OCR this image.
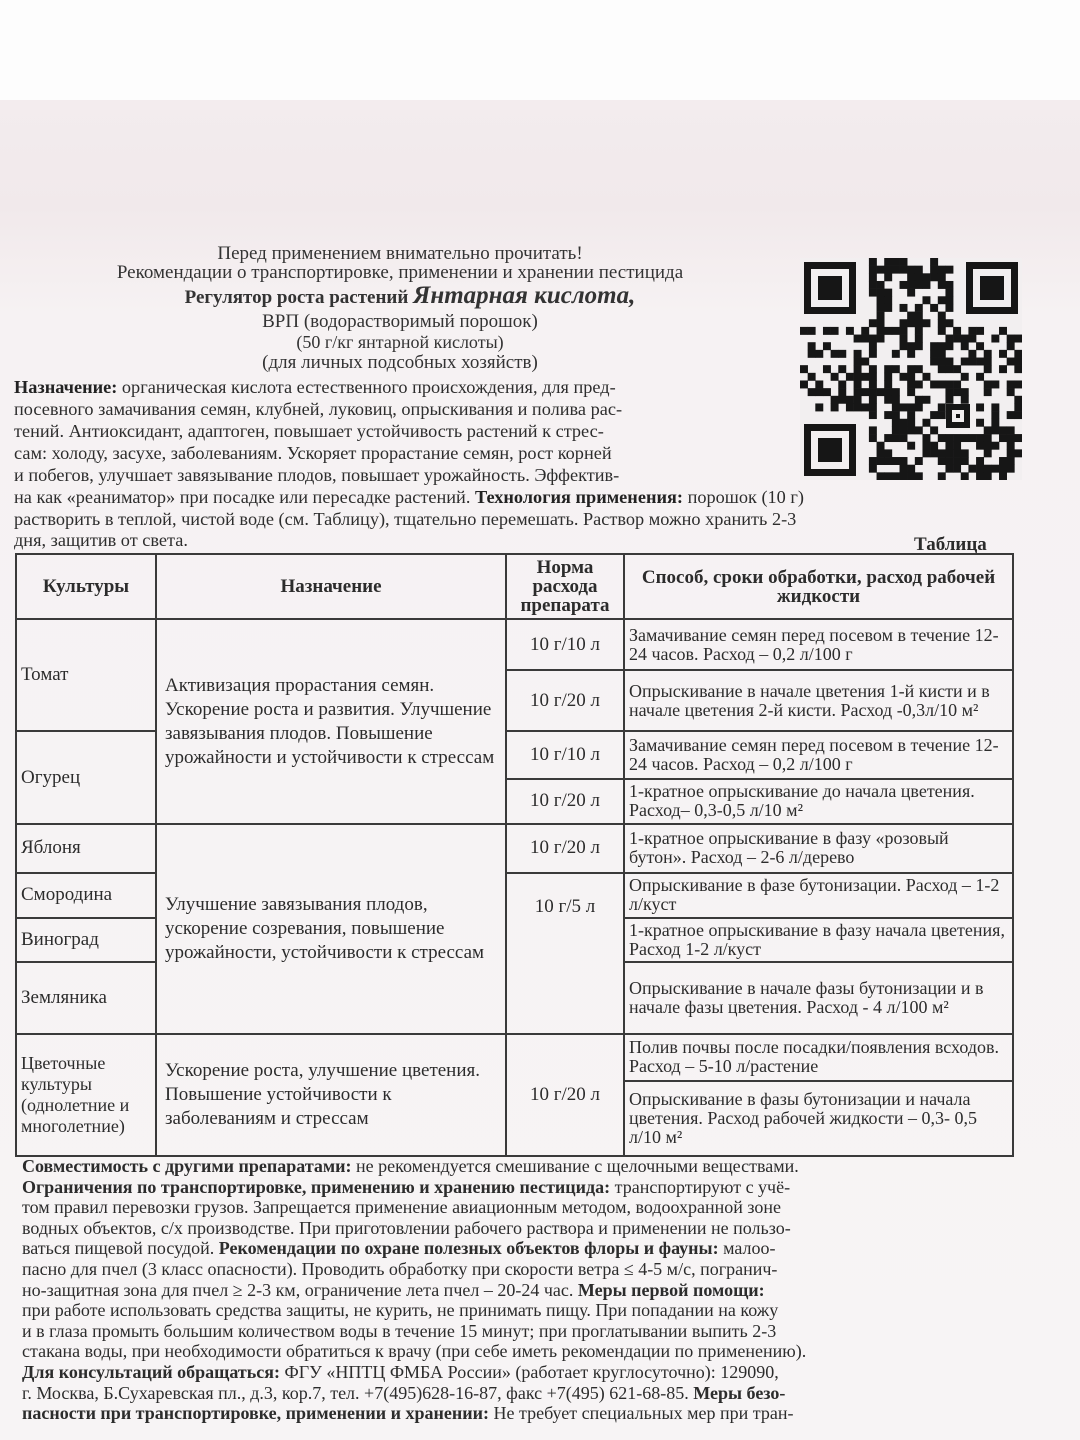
Перед применением внимательно прочитать!
Рекомендации о транспортировке, применении и хранении пестицида
Регулятор роста растений Янтарная кислота,
ВРП (водорастворимый порошок)
(50 г/кг янтарной кислоты)
(для личных подсобных хозяйств)
Назначение: органическая кислота естественного происхождения, для пред-
посевного замачивания семян, клубней, луковиц, опрыскивания и полива рас-
тений. Антиоксидант, адаптоген, повышает устойчивость растений к стрес-
сам: холоду, засухе, заболеваниям. Ускоряет прорастание семян, рост корней
и побегов, улучшает завязывание плодов, повышает урожайность. Эффектив-
на как «реаниматор» при посадке или пересадке растений. Технология применения: порошок (10 г)
растворить в теплой, чистой воде (см. Таблицу), тщательно перемешать. Раствор можно хранить 2-3
дня, защитив от света.	Таблица
Культуры	Назначение	Норма расхода препарата	Способ, сроки обработки, расход рабочей жидкости
Томат	Активизация прорастания семян. Ускорение роста и развития. Улучшение завязывания плодов. Повышение урожайности и устойчивости к стрессам	10 г/10 л	Замачивание семян перед посевом в течение 12-24 часов. Расход – 0,2 л/100 г
		10 г/20 л	Опрыскивание в начале цветения 1-й кисти и в начале цветения 2-й кисти. Расход -0,3л/10 м²
Огурец		10 г/10 л	Замачивание семян перед посевом в течение 12-24 часов. Расход – 0,2 л/100 г
		10 г/20 л	1-кратное опрыскивание до начала цветения. Расход– 0,3-0,5 л/10 м²
Яблоня	Улучшение завязывания плодов, ускорение созревания, повышение урожайности, устойчивости к стрессам	10 г/20 л	1-кратное опрыскивание в фазу «розовый бутон». Расход – 2-6 л/дерево
Смородина		10 г/5 л	Опрыскивание в фазе бутонизации. Расход – 1-2 л/куст
Виноград			1-кратное опрыскивание в фазу начала цветения, Расход 1-2 л/куст
Земляника			Опрыскивание в начале фазы бутонизации и в начале фазы цветения. Расход - 4 л/100 м²
Цветочные культуры (однолетние и многолетние)	Ускорение роста, улучшение цветения. Повышение устойчивости к заболеваниям и стрессам	10 г/20 л	Полив почвы после посадки/появления всходов. Расход – 5-10 л/растение
			Опрыскивание в фазы бутонизации и начала цветения. Расход рабочей жидкости – 0,3- 0,5 л/10 м²

Совместимость с другими препаратами: не рекомендуется смешивание с щелочными веществами.

Ограничения по транспортировке, применению и хранению пестицида: транспортируют с учё-

том правил перевозки грузов. Запрещается применение авиационным методом, водоохранной зоне

водных объектов, с/х производстве. При приготовлении рабочего раствора и применении не пользо-

ваться пищевой посудой. Рекомендации по охране полезных объектов флоры и фауны: малоо-

пасно для пчел (3 класс опасности). Проводить обработку при скорости ветра ≤ 4-5 м/с, погранич-

но-защитная зона для пчел ≥ 2-3 км, ограничение лета пчел – 20-24 час. Меры первой помощи:

при работе использовать средства защиты, не курить, не принимать пищу. При попадании на кожу

и в глаза промыть большим количеством воды в течение 15 минут; при проглатывании выпить 2-3

стакана воды, при необходимости обратиться к врачу (при себе иметь рекомендации по применению).

Для консультаций обращаться: ФГУ «НПТЦ ФМБА России» (работает круглосуточно): 129090,

г. Москва, Б.Сухаревская пл., д.3, кор.7, тел. +7(495)628-16-87, факс +7(495) 621-68-85. Меры безо-

пасности при транспортировке, применении и хранении: Не требует специальных мер при тран-
